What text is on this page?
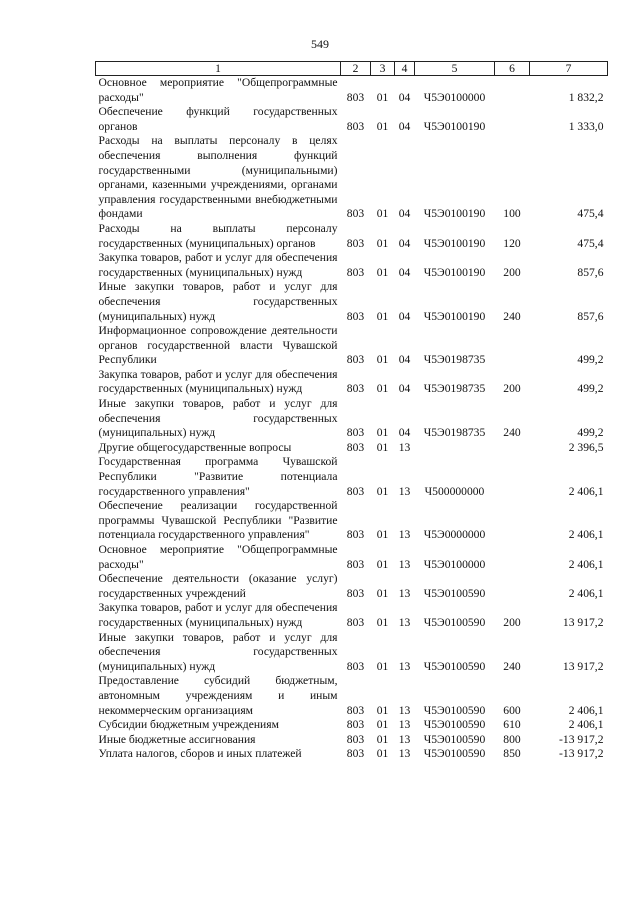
549
1	2	3	4	5	6	7
Основное мероприятие "Общепрограммные расходы"	803	01	04	Ч5Э0100000		1 832,2
Обеспечение функций государственных органов	803	01	04	Ч5Э0100190		1 333,0
Расходы на выплаты персоналу в целях обеспечения выполнения функций государственными (муниципальными) органами, казенными учреждениями, органами управления государственными внебюджетными фондами	803	01	04	Ч5Э0100190	100	475,4
Расходы на выплаты персоналу государственных (муниципальных) органов	803	01	04	Ч5Э0100190	120	475,4
Закупка товаров, работ и услуг для обеспечения государственных (муниципальных) нужд	803	01	04	Ч5Э0100190	200	857,6
Иные закупки товаров, работ и услуг для обеспечения государственных (муниципальных) нужд	803	01	04	Ч5Э0100190	240	857,6
Информационное сопровождение деятельности органов государственной власти Чувашской Республики	803	01	04	Ч5Э0198735		499,2
Закупка товаров, работ и услуг для обеспечения государственных (муниципальных) нужд	803	01	04	Ч5Э0198735	200	499,2
Иные закупки товаров, работ и услуг для обеспечения государственных (муниципальных) нужд	803	01	04	Ч5Э0198735	240	499,2
Другие общегосударственные вопросы	803	01	13			2 396,5
Государственная программа Чувашской Республики "Развитие потенциала государственного управления"	803	01	13	Ч500000000		2 406,1
Обеспечение реализации государственной программы Чувашской Республики "Развитие потенциала государственного управления"	803	01	13	Ч5Э0000000		2 406,1
Основное мероприятие "Общепрограммные расходы"	803	01	13	Ч5Э0100000		2 406,1
Обеспечение деятельности (оказание услуг) государственных учреждений	803	01	13	Ч5Э0100590		2 406,1
Закупка товаров, работ и услуг для обеспечения государственных (муниципальных) нужд	803	01	13	Ч5Э0100590	200	13 917,2
Иные закупки товаров, работ и услуг для обеспечения государственных (муниципальных) нужд	803	01	13	Ч5Э0100590	240	13 917,2
Предоставление субсидий бюджетным, автономным учреждениям и иным некоммерческим организациям	803	01	13	Ч5Э0100590	600	2 406,1
Субсидии бюджетным учреждениям	803	01	13	Ч5Э0100590	610	2 406,1
Иные бюджетные ассигнования	803	01	13	Ч5Э0100590	800	-13 917,2
Уплата налогов, сборов и иных платежей	803	01	13	Ч5Э0100590	850	-13 917,2
